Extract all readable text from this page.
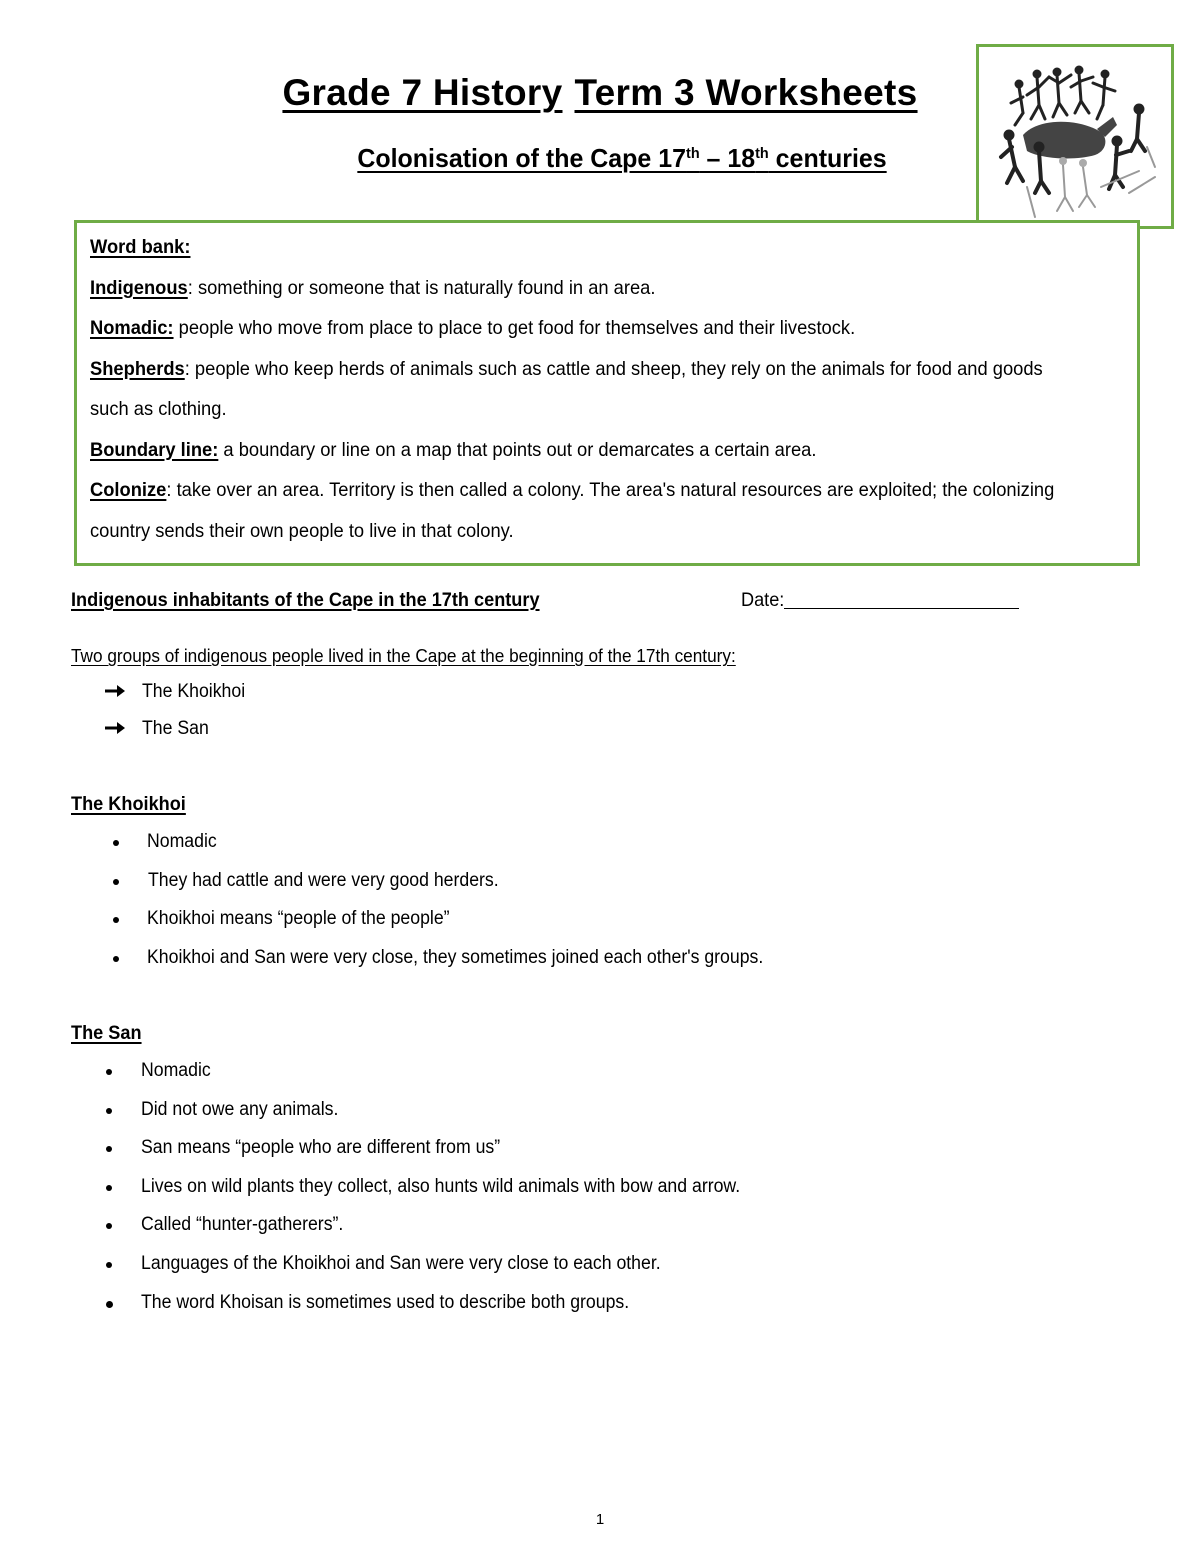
Grade 7 History Term 3 Worksheets
Colonisation of the Cape 17th – 18th centuries

Word bank:

Indigenous: something or someone that is naturally found in an area.

Nomadic: people who move from place to place to get food for themselves and their livestock.

Shepherds: people who keep herds of animals such as cattle and sheep, they rely on the animals for food and goods such as clothing.

Boundary line: a boundary or line on a map that points out or demarcates a certain area.

Colonize: take over an area. Territory is then called a colony. The area's natural resources are exploited; the colonizing country sends their own people to live in that colony.

Indigenous inhabitants of the Cape in the 17th century	Date:
Two groups of indigenous people lived in the Cape at the beginning of the 17th century:
The Khoikhoi
The San
The Khoikhoi
Nomadic
They had cattle and were very good herders.
Khoikhoi means “people of the people”
Khoikhoi and San were very close, they sometimes joined each other's groups.
The San
Nomadic
Did not owe any animals.
San means “people who are different from us”
Lives on wild plants they collect, also hunts wild animals with bow and arrow.
Called “hunter-gatherers”.
Languages of the Khoikhoi and San were very close to each other.
The word Khoisan is sometimes used to describe both groups.
1
